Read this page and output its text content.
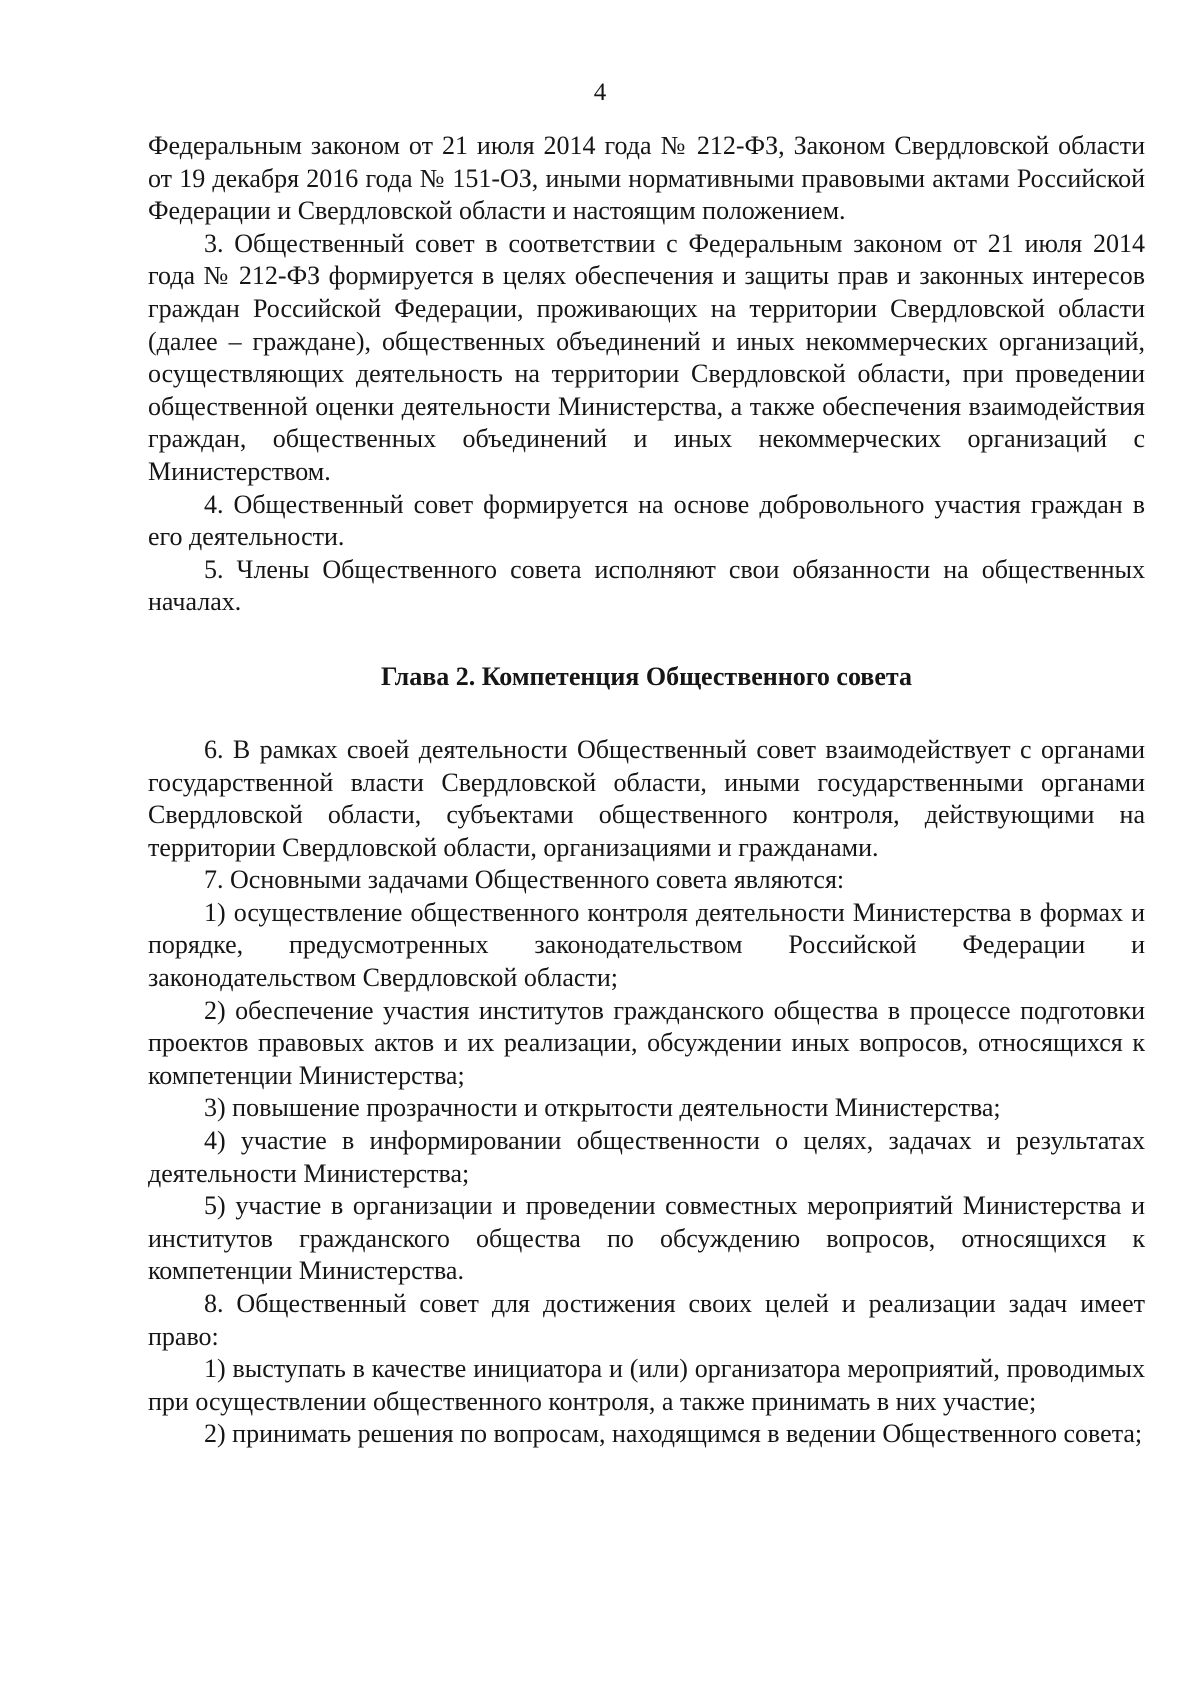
4

Федеральным законом от 21 июля 2014 года № 212-ФЗ, Законом Свердловской области от 19 декабря 2016 года № 151-ОЗ, иными нормативными правовыми актами Российской Федерации и Свердловской области и настоящим положением.

3. Общественный совет в соответствии с Федеральным законом от 21 июля 2014 года № 212-ФЗ формируется в целях обеспечения и защиты прав и законных интересов граждан Российской Федерации, проживающих на территории Свердловской области (далее – граждане), общественных объединений и иных некоммерческих организаций, осуществляющих деятельность на территории Свердловской области, при проведении общественной оценки деятельности Министерства, а также обеспечения взаимодействия граждан, общественных объединений и иных некоммерческих организаций с Министерством.

4. Общественный совет формируется на основе добровольного участия граждан в его деятельности.

5. Члены Общественного совета исполняют свои обязанности на общественных началах.

Глава 2. Компетенция Общественного совета

6. В рамках своей деятельности Общественный совет взаимодействует с органами государственной власти Свердловской области, иными государственными органами Свердловской области, субъектами общественного контроля, действующими на территории Свердловской области, организациями и гражданами.

7. Основными задачами Общественного совета являются:

1) осуществление общественного контроля деятельности Министерства в формах и порядке, предусмотренных законодательством Российской Федерации и законодательством Свердловской области;

2) обеспечение участия институтов гражданского общества в процессе подготовки проектов правовых актов и их реализации, обсуждении иных вопросов, относящихся к компетенции Министерства;

3) повышение прозрачности и открытости деятельности Министерства;

4) участие в информировании общественности о целях, задачах и результатах деятельности Министерства;

5) участие в организации и проведении совместных мероприятий Министерства и институтов гражданского общества по обсуждению вопросов, относящихся к компетенции Министерства.

8. Общественный совет для достижения своих целей и реализации задач имеет право:

1) выступать в качестве инициатора и (или) организатора мероприятий, проводимых при осуществлении общественного контроля, а также принимать в них участие;

2) принимать решения по вопросам, находящимся в ведении Общественного совета;
